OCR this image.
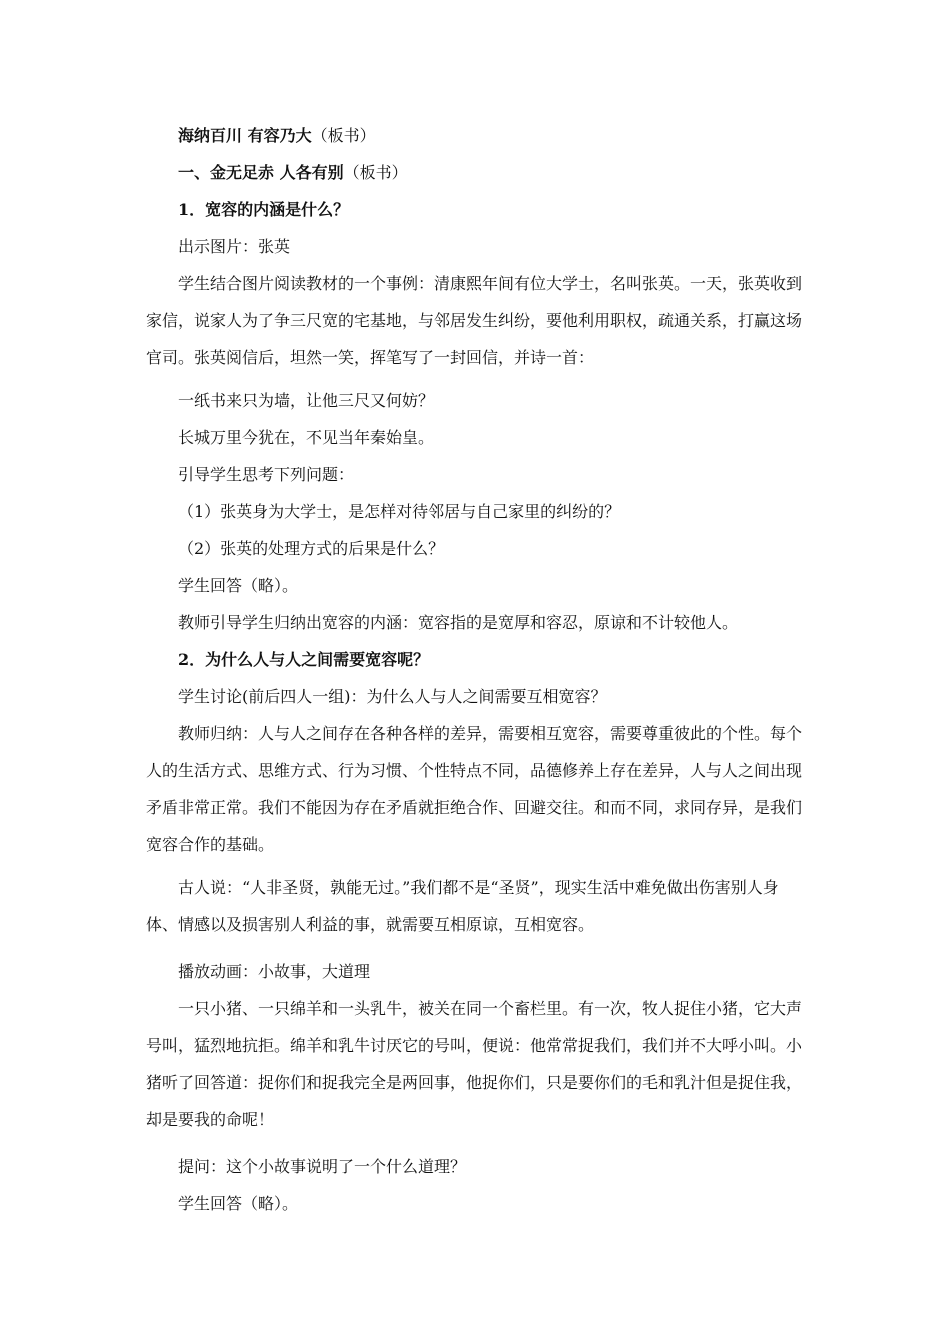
海纳百川 有容乃大（板书）

一、金无足赤 人各有别（板书）

1．宽容的内涵是什么？

出示图片：张英

学生结合图片阅读教材的一个事例：清康熙年间有位大学士，名叫张英。一天，张英收到家信，说家人为了争三尺宽的宅基地，与邻居发生纠纷，要他利用职权，疏通关系，打赢这场官司。张英阅信后，坦然一笑，挥笔写了一封回信，并诗一首：

一纸书来只为墙，让他三尺又何妨？

长城万里今犹在，不见当年秦始皇。

引导学生思考下列问题：

（1）张英身为大学士，是怎样对待邻居与自己家里的纠纷的？

（2）张英的处理方式的后果是什么？

学生回答（略）。

教师引导学生归纳出宽容的内涵：宽容指的是宽厚和容忍，原谅和不计较他人。

2．为什么人与人之间需要宽容呢？

学生讨论(前后四人一组)：为什么人与人之间需要互相宽容？

教师归纳：人与人之间存在各种各样的差异，需要相互宽容，需要尊重彼此的个性。每个人的生活方式、思维方式、行为习惯、个性特点不同，品德修养上存在差异，人与人之间出现矛盾非常正常。我们不能因为存在矛盾就拒绝合作、回避交往。和而不同，求同存异，是我们宽容合作的基础。

古人说：“人非圣贤，孰能无过。”我们都不是“圣贤”，现实生活中难免做出伤害别人身体、情感以及损害别人利益的事，就需要互相原谅，互相宽容。

播放动画：小故事，大道理

一只小猪、一只绵羊和一头乳牛，被关在同一个畜栏里。有一次，牧人捉住小猪，它大声号叫，猛烈地抗拒。绵羊和乳牛讨厌它的号叫，便说：他常常捉我们，我们并不大呼小叫。小猪听了回答道：捉你们和捉我完全是两回事，他捉你们，只是要你们的毛和乳汁但是捉住我，却是要我的命呢！

提问：这个小故事说明了一个什么道理？

学生回答（略）。
